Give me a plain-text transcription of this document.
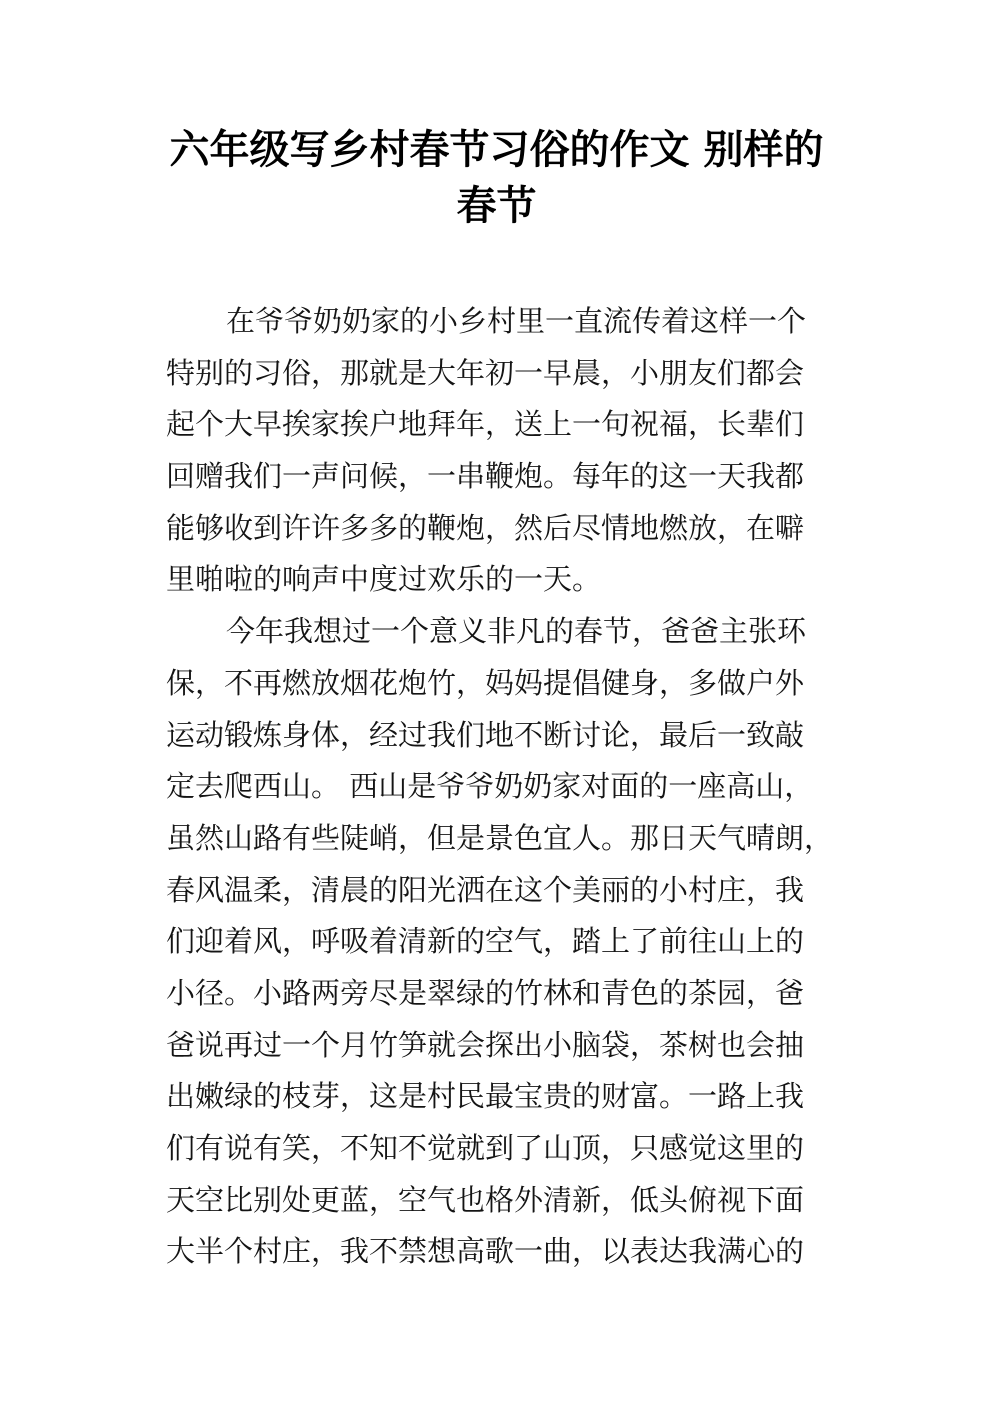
六年级写乡村春节习俗的作文 别样的
春节
在爷爷奶奶家的小乡村里一直流传着这样一个
特别的习俗，那就是大年初一早晨，小朋友们都会
起个大早挨家挨户地拜年，送上一句祝福，长辈们
回赠我们一声问候，一串鞭炮。每年的这一天我都
能够收到许许多多的鞭炮，然后尽情地燃放，在噼
里啪啦的响声中度过欢乐的一天。
今年我想过一个意义非凡的春节，爸爸主张环
保，不再燃放烟花炮竹，妈妈提倡健身，多做户外
运动锻炼身体，经过我们地不断讨论，最后一致敲
定去爬西山。 西山是爷爷奶奶家对面的一座高山，
虽然山路有些陡峭，但是景色宜人。那日天气晴朗，
春风温柔，清晨的阳光洒在这个美丽的小村庄，我
们迎着风，呼吸着清新的空气，踏上了前往山上的
小径。小路两旁尽是翠绿的竹林和青色的茶园，爸
爸说再过一个月竹笋就会探出小脑袋，茶树也会抽
出嫩绿的枝芽，这是村民最宝贵的财富。一路上我
们有说有笑，不知不觉就到了山顶，只感觉这里的
天空比别处更蓝，空气也格外清新，低头俯视下面
大半个村庄，我不禁想高歌一曲，以表达我满心的
